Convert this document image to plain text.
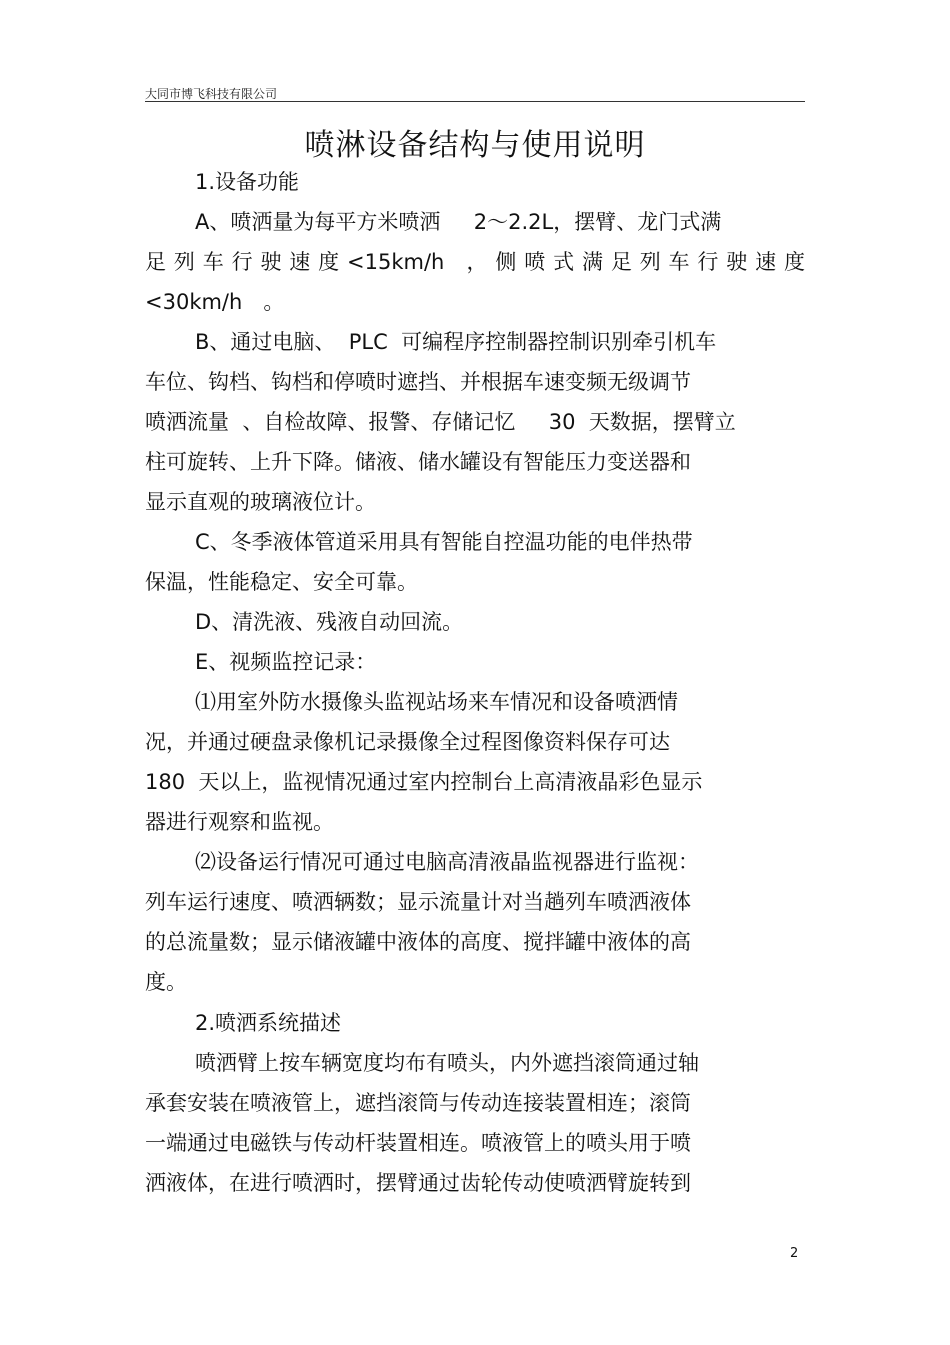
大同市博飞科技有限公司
喷淋设备结构与使用说明
1.设备功能
A、喷洒量为每平方米喷洒     2～2.2L，摆臂、龙门式满
足 列 车 行 驶 速 度 <15km/h　， 侧 喷 式 满 足 列 车 行 驶 速 度
<30km/h　。
B、通过电脑、  PLC  可编程序控制器控制识别牵引机车
车位、钩档、钩档和停喷时遮挡、并根据车速变频无级调节
喷洒流量  、自检故障、报警、存储记忆     30  天数据，摆臂立
柱可旋转、上升下降。储液、储水罐设有智能压力变送器和
显示直观的玻璃液位计。
C、冬季液体管道采用具有智能自控温功能的电伴热带
保温，性能稳定、安全可靠。
D、清洗液、残液自动回流。
E、视频监控记录：
⑴用室外防水摄像头监视站场来车情况和设备喷洒情
况，并通过硬盘录像机记录摄像全过程图像资料保存可达
180  天以上，监视情况通过室内控制台上高清液晶彩色显示
器进行观察和监视。
⑵设备运行情况可通过电脑高清液晶监视器进行监视：
列车运行速度、喷洒辆数；显示流量计对当趟列车喷洒液体
的总流量数；显示储液罐中液体的高度、搅拌罐中液体的高
度。
2.喷洒系统描述
喷洒臂上按车辆宽度均布有喷头，内外遮挡滚筒通过轴
承套安装在喷液管上，遮挡滚筒与传动连接装置相连；滚筒
一端通过电磁铁与传动杆装置相连。喷液管上的喷头用于喷
洒液体，在进行喷洒时，摆臂通过齿轮传动使喷洒臂旋转到
2
